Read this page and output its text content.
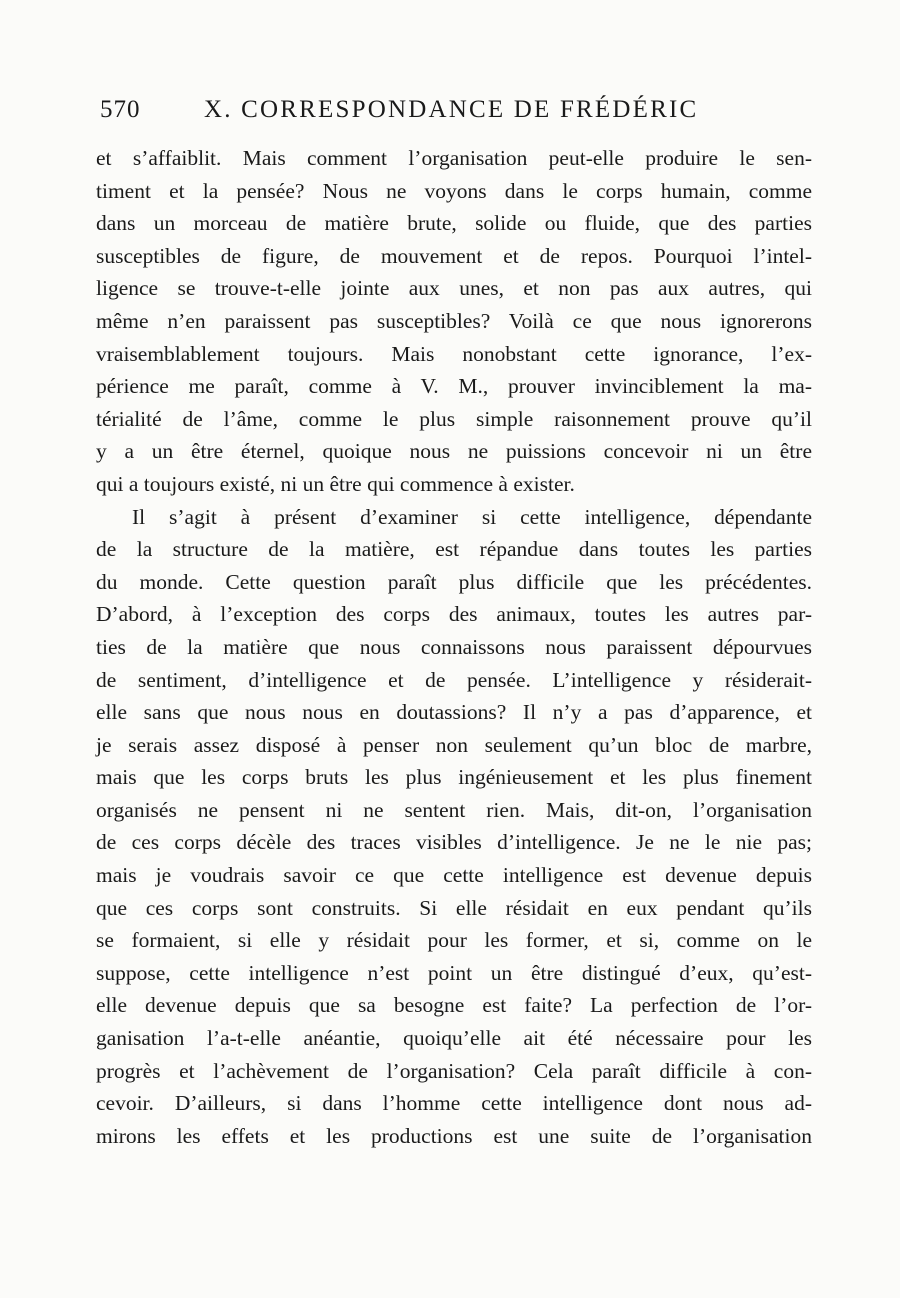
570	X. CORRESPONDANCE DE FRÉDÉRIC
et s’affaiblit. Mais comment l’organisation peut-elle produire le sen-
timent et la pensée? Nous ne voyons dans le corps humain, comme
dans un morceau de matière brute, solide ou fluide, que des parties
susceptibles de figure, de mouvement et de repos. Pourquoi l’intel-
ligence se trouve-t-elle jointe aux unes, et non pas aux autres, qui
même n’en paraissent pas susceptibles? Voilà ce que nous ignorerons
vraisemblablement toujours. Mais nonobstant cette ignorance, l’ex-
périence me paraît, comme à V. M., prouver invinciblement la ma-
térialité de l’âme, comme le plus simple raisonnement prouve qu’il
y a un être éternel, quoique nous ne puissions concevoir ni un être
qui a toujours existé, ni un être qui commence à exister.
Il s’agit à présent d’examiner si cette intelligence, dépendante
de la structure de la matière, est répandue dans toutes les parties
du monde. Cette question paraît plus difficile que les précédentes.
D’abord, à l’exception des corps des animaux, toutes les autres par-
ties de la matière que nous connaissons nous paraissent dépourvues
de sentiment, d’intelligence et de pensée. L’intelligence y résiderait-
elle sans que nous nous en doutassions? Il n’y a pas d’apparence, et
je serais assez disposé à penser non seulement qu’un bloc de marbre,
mais que les corps bruts les plus ingénieusement et les plus finement
organisés ne pensent ni ne sentent rien. Mais, dit-on, l’organisation
de ces corps décèle des traces visibles d’intelligence. Je ne le nie pas;
mais je voudrais savoir ce que cette intelligence est devenue depuis
que ces corps sont construits. Si elle résidait en eux pendant qu’ils
se formaient, si elle y résidait pour les former, et si, comme on le
suppose, cette intelligence n’est point un être distingué d’eux, qu’est-
elle devenue depuis que sa besogne est faite? La perfection de l’or-
ganisation l’a-t-elle anéantie, quoiqu’elle ait été nécessaire pour les
progrès et l’achèvement de l’organisation? Cela paraît difficile à con-
cevoir. D’ailleurs, si dans l’homme cette intelligence dont nous ad-
mirons les effets et les productions est une suite de l’organisation
